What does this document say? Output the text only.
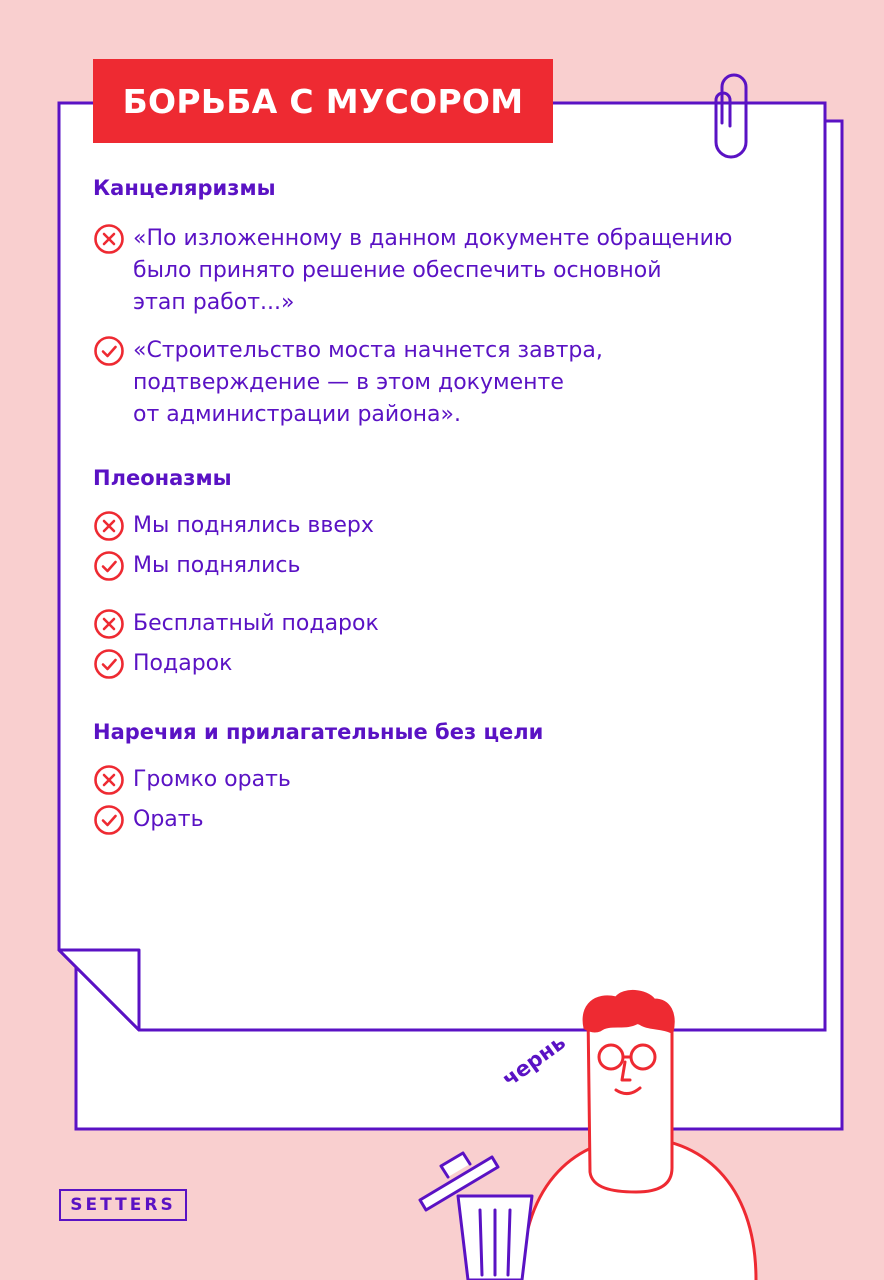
БОРЬБА С МУСОРОМ
Канцеляризмы
«По изложенному в данном документе обращению
было принято решение обеспечить основной
этап работ...»
«Строительство моста начнется завтра,
подтверждение — в этом документе
от администрации района».
Плеоназмы
Мы поднялись вверх
Мы поднялись
Бесплатный подарок
Подарок
Наречия и прилагательные без цели
Громко орать
Орать
чернь
SETTERS
